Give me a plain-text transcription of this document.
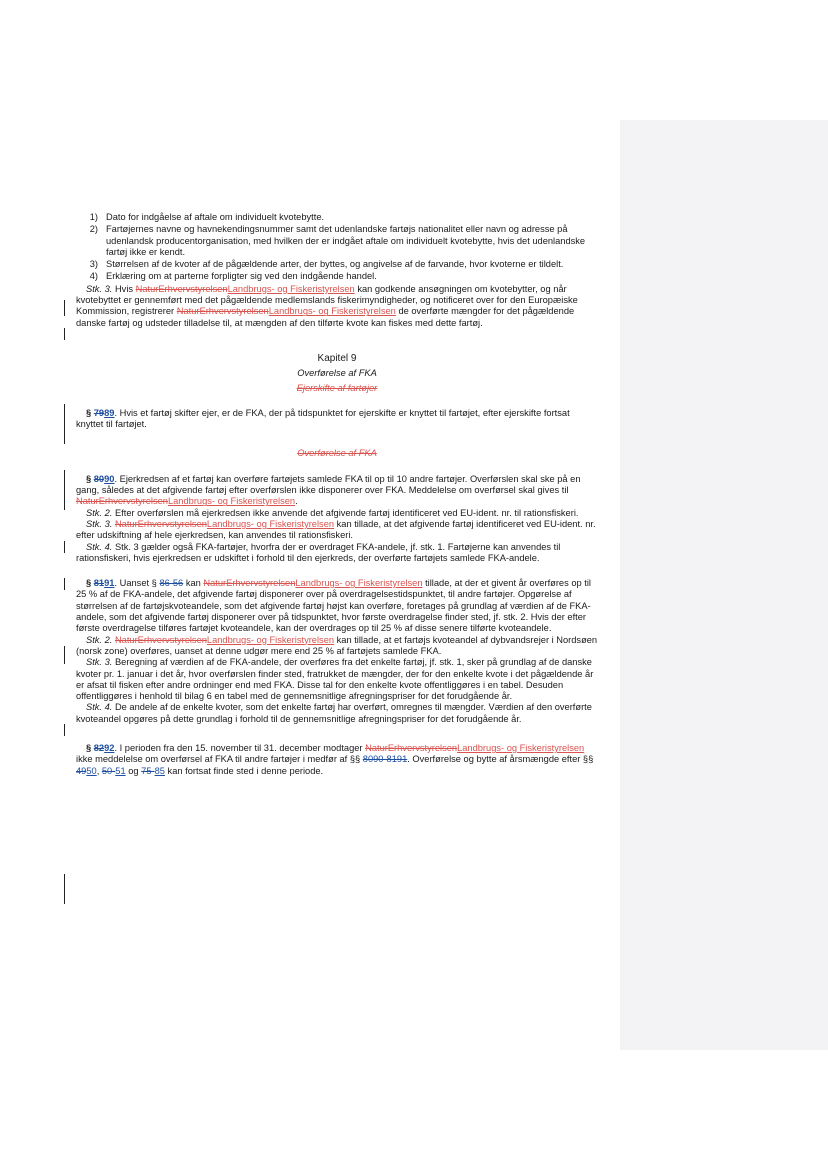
1) Dato for indgåelse af aftale om individuelt kvotebytte.
2) Fartøjernes navne og havnekendingsnummer samt det udenlandske fartøjs nationalitet eller navn og adresse på udenlandsk producentorganisation, med hvilken der er indgået aftale om individuelt kvotebytte, hvis det udenlandske fartøj ikke er kendt.
3) Størrelsen af de kvoter af de pågældende arter, der byttes, og angivelse af de farvande, hvor kvoterne er tildelt.
4) Erklæring om at parterne forpligter sig ved den indgående handel.

Stk. 3. Hvis NaturErhvervstyrelsenLandbrugs- og Fiskeristyrelsen kan godkende ansøgningen om kvotebytter, og når kvotebyttet er gennemført med det pågældende medlemslands fiskerimyndigheder, og notificeret over for den Europæiske Kommission, registrerer NaturErhvervstyrelsenLandbrugs- og Fiskeristyrelsen de overførte mængder for det pågældende danske fartøj og udsteder tilladelse til, at mængden af den tilførte kvote kan fiskes med dette fartøj.

Kapitel 9
Overførelse af FKA
Ejerskifte af fartøjer

§ 7989. Hvis et fartøj skifter ejer, er de FKA, der på tidspunktet for ejerskifte er knyttet til fartøjet, efter ejerskifte fortsat knyttet til fartøjet.

Overførelse af FKA

§ 8090. Ejerkredsen af et fartøj kan overføre fartøjets samlede FKA til op til 10 andre fartøjer. Overførslen skal ske på en gang, således at det afgivende fartøj efter overførslen ikke disponerer over FKA. Meddelelse om overførsel skal gives til NaturErhvervstyrelsenLandbrugs- og Fiskeristyrelsen.

Stk. 2. Efter overførslen må ejerkredsen ikke anvende det afgivende fartøj identificeret ved EU-ident. nr. til rationsfiskeri.

Stk. 3. NaturErhvervstyrelsenLandbrugs- og Fiskeristyrelsen kan tillade, at det afgivende fartøj identificeret ved EU-ident. nr. efter udskiftning af hele ejerkredsen, kan anvendes til rationsfiskeri.

Stk. 4. Stk. 3 gælder også FKA-fartøjer, hvorfra der er overdraget FKA-andele, jf. stk. 1. Fartøjerne kan anvendes til rationsfiskeri, hvis ejerkredsen er udskiftet i forhold til den ejerkreds, der overførte fartøjets samlede FKA-andele.

§ 8191. Uanset § 86-56 kan NaturErhvervstyrelsenLandbrugs- og Fiskeristyrelsen tillade, at der et givent år overføres op til 25 % af de FKA-andele, det afgivende fartøj disponerer over på overdragelsestidspunktet, til andre fartøjer. Opgørelse af størrelsen af de fartøjskvoteandele, som det afgivende fartøj højst kan overføre, foretages på grundlag af værdien af de FKA-andele, som det afgivende fartøj disponerer over på tidspunktet, hvor første overdragelse finder sted, jf. stk. 2. Hvis der efter første overdragelse tilføres fartøjet kvoteandele, kan der overdrages op til 25 % af disse senere tilførte kvoteandele.

Stk. 2. NaturErhvervstyrelsenLandbrugs- og Fiskeristyrelsen kan tillade, at et fartøjs kvoteandel af dybvandsrejer i Nordsøen (norsk zone) overføres, uanset at denne udgør mere end 25 % af fartøjets samlede FKA.

Stk. 3. Beregning af værdien af de FKA-andele, der overføres fra det enkelte fartøj, jf. stk. 1, sker på grundlag af de danske kvoter pr. 1. januar i det år, hvor overførslen finder sted, fratrukket de mængder, der for den enkelte kvote i det pågældende år er afsat til fisken efter andre ordninger end med FKA. Disse tal for den enkelte kvote offentliggøres i en tabel. Desuden offentliggøres i henhold til bilag 6 en tabel med de gennemsnitlige afregningspriser for det forudgående år.

Stk. 4. De andele af de enkelte kvoter, som det enkelte fartøj har overført, omregnes til mængder. Værdien af den overførte kvoteandel opgøres på dette grundlag i forhold til de gennemsnitlige afregningspriser for det forudgående år.

§ 8292. I perioden fra den 15. november til 31. december modtager NaturErhvervstyrelsenLandbrugs- og Fiskeristyrelsen ikke meddelelse om overførsel af FKA til andre fartøjer i medfør af §§ 8090-8191. Overførelse og bytte af årsmængde efter §§ 4950, 50-51 og 75-85 kan fortsat finde sted i denne periode.
